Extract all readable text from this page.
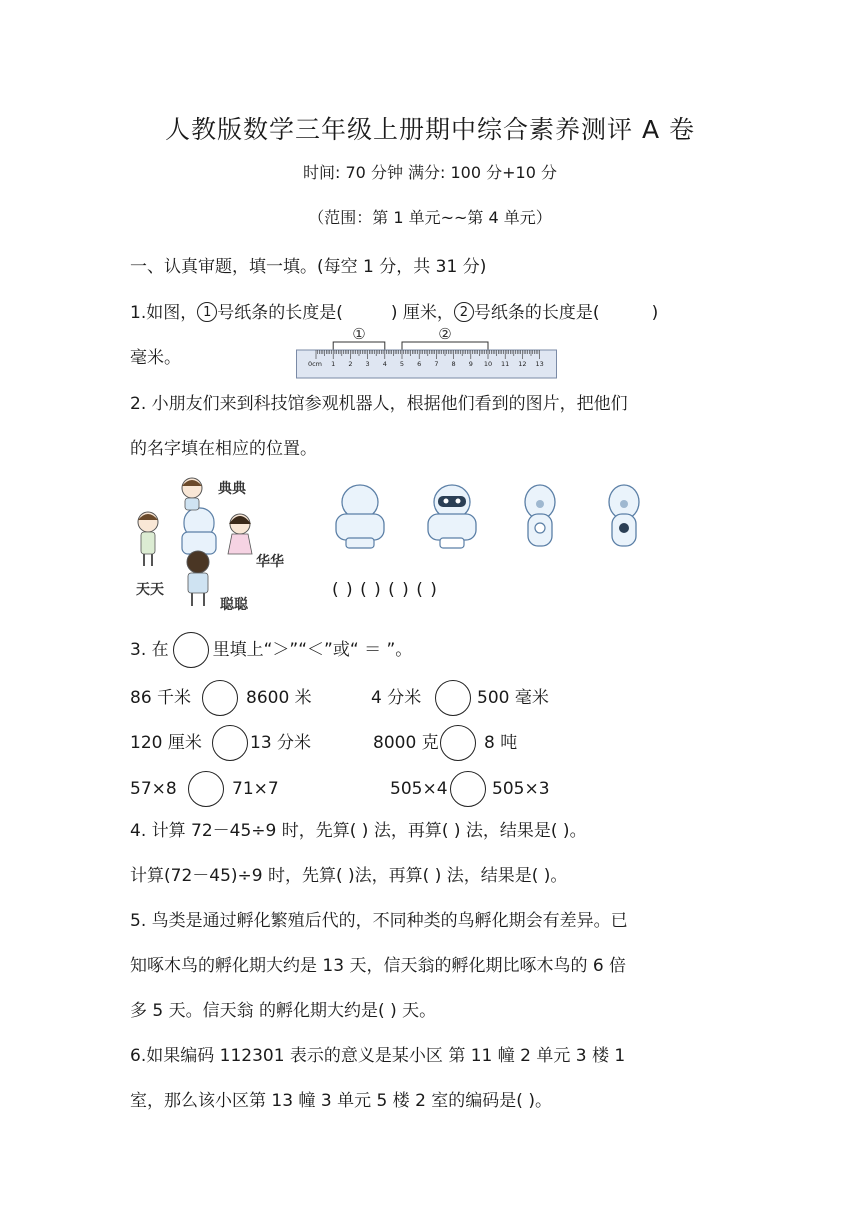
人教版数学三年级上册期中综合素养测评 A 卷
时间: 70 分钟 满分: 100 分+10 分
（范围：第 1 单元~~第 4 单元）
一、认真审题，填一填。(每空 1 分，共 31 分)
1.如图， 1 号纸条的长度是(	) 厘米， 2 号纸条的长度是(	)
毫米。
①	②
0cm 1 2 3 4 5 6 7 8 9 10 11 12 13
2. 小朋友们来到科技馆参观机器人，根据他们看到的图片，把他们
的名字填在相应的位置。
典典
华华
天天
聪聪
( ) ( ) ( ) ( )
3. 在	里填上“＞”“＜”或“ ＝ ”。
86 千米	8600 米	4 分米	500 毫米
120 厘米	13 分米	8000 克	8 吨
57×8	71×7	505×4	505×3
4. 计算 72－45÷9 时，先算( ) 法，再算( ) 法，结果是( )。
计算(72－45)÷9 时，先算( )法，再算( ) 法，结果是( )。
5. 鸟类是通过孵化繁殖后代的，不同种类的鸟孵化期会有差异。已
知啄木鸟的孵化期大约是 13 天，信天翁的孵化期比啄木鸟的 6 倍
多 5 天。信天翁 的孵化期大约是( ) 天。
6.如果编码 112301 表示的意义是某小区 第 11 幢 2 单元 3 楼 1
室，那么该小区第 13 幢 3 单元 5 楼 2 室的编码是( )。
